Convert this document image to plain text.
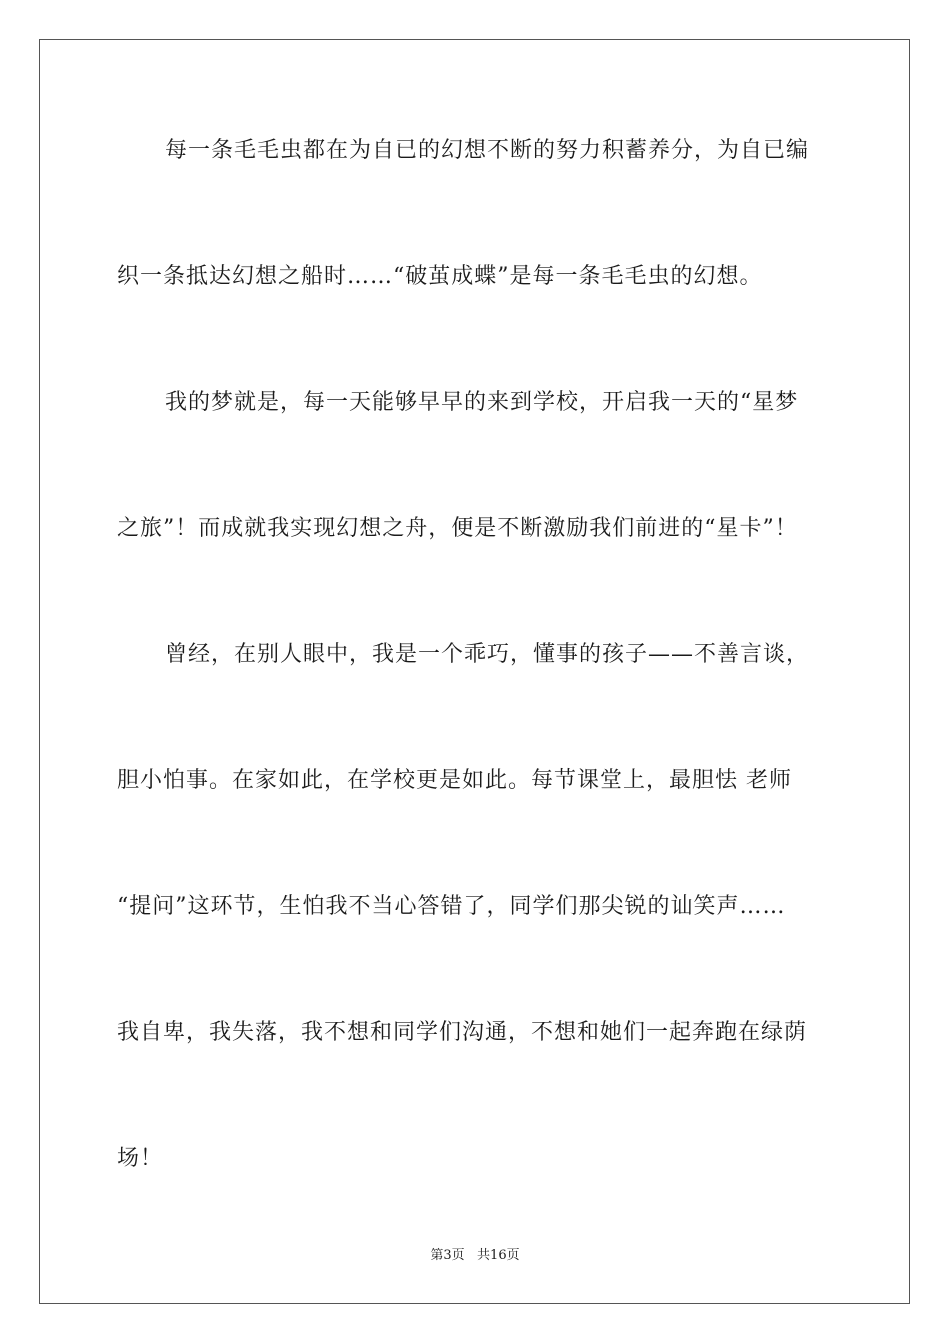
每一条毛毛虫都在为自已的幻想不断的努力积蓄养分，为自已编
织一条抵达幻想之船时……“破茧成蝶”是每一条毛毛虫的幻想。
我的梦就是，每一天能够早早的来到学校，开启我一天的“星梦
之旅”！而成就我实现幻想之舟，便是不断激励我们前进的“星卡”！
曾经，在别人眼中，我是一个乖巧，懂事的孩子——不善言谈，
胆小怕事。在家如此，在学校更是如此。每节课堂上，最胆怯 老师
“提问”这环节，生怕我不当心答错了，同学们那尖锐的讪笑声……
我自卑，我失落，我不想和同学们沟通，不想和她们一起奔跑在绿荫
场！
第3页   共16页
